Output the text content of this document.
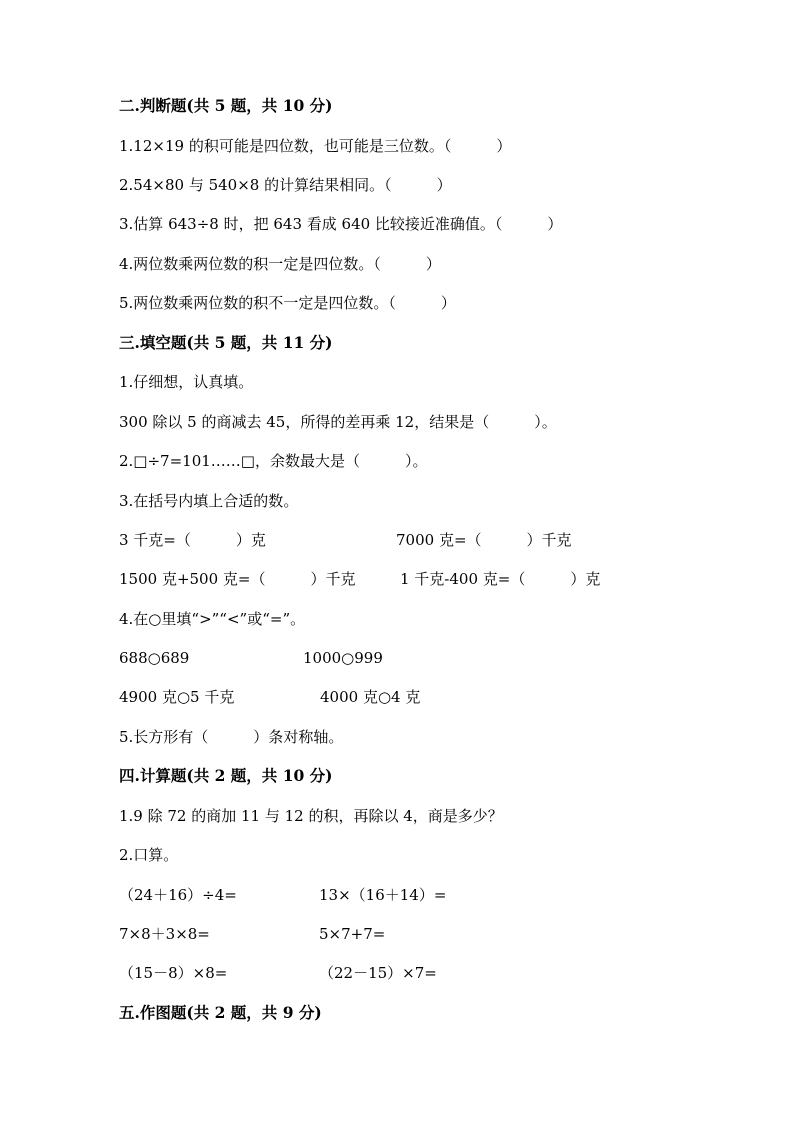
二.判断题(共 5 题，共 10 分)
1.12×19 的积可能是四位数，也可能是三位数。（　　　）
2.54×80 与 540×8 的计算结果相同。（　　　）
3.估算 643÷8 时，把 643 看成 640 比较接近准确值。（　　　）
4.两位数乘两位数的积一定是四位数。（　　　）
5.两位数乘两位数的积不一定是四位数。（　　　）
三.填空题(共 5 题，共 11 分)
1.仔细想，认真填。
300 除以 5 的商减去 45，所得的差再乘 12，结果是（　　　）。
2.□÷7=101……□，余数最大是（　　　）。
3.在括号内填上合适的数。
3 千克=（　　　）克	7000 克=（　　　）千克
1500 克+500 克=（　　　）千克	1 千克-400 克=（　　　）克
4.在○里填“>”“<”或“=”。
688○689	1000○999
4900 克○5 千克	4000 克○4 克
5.长方形有（　　　）条对称轴。
四.计算题(共 2 题，共 10 分)
1.9 除 72 的商加 11 与 12 的积，再除以 4，商是多少？
2.口算。
（24＋16）÷4=	13×（16＋14）=
7×8＋3×8=	5×7+7=
（15－8）×8=	（22－15）×7=
五.作图题(共 2 题，共 9 分)
